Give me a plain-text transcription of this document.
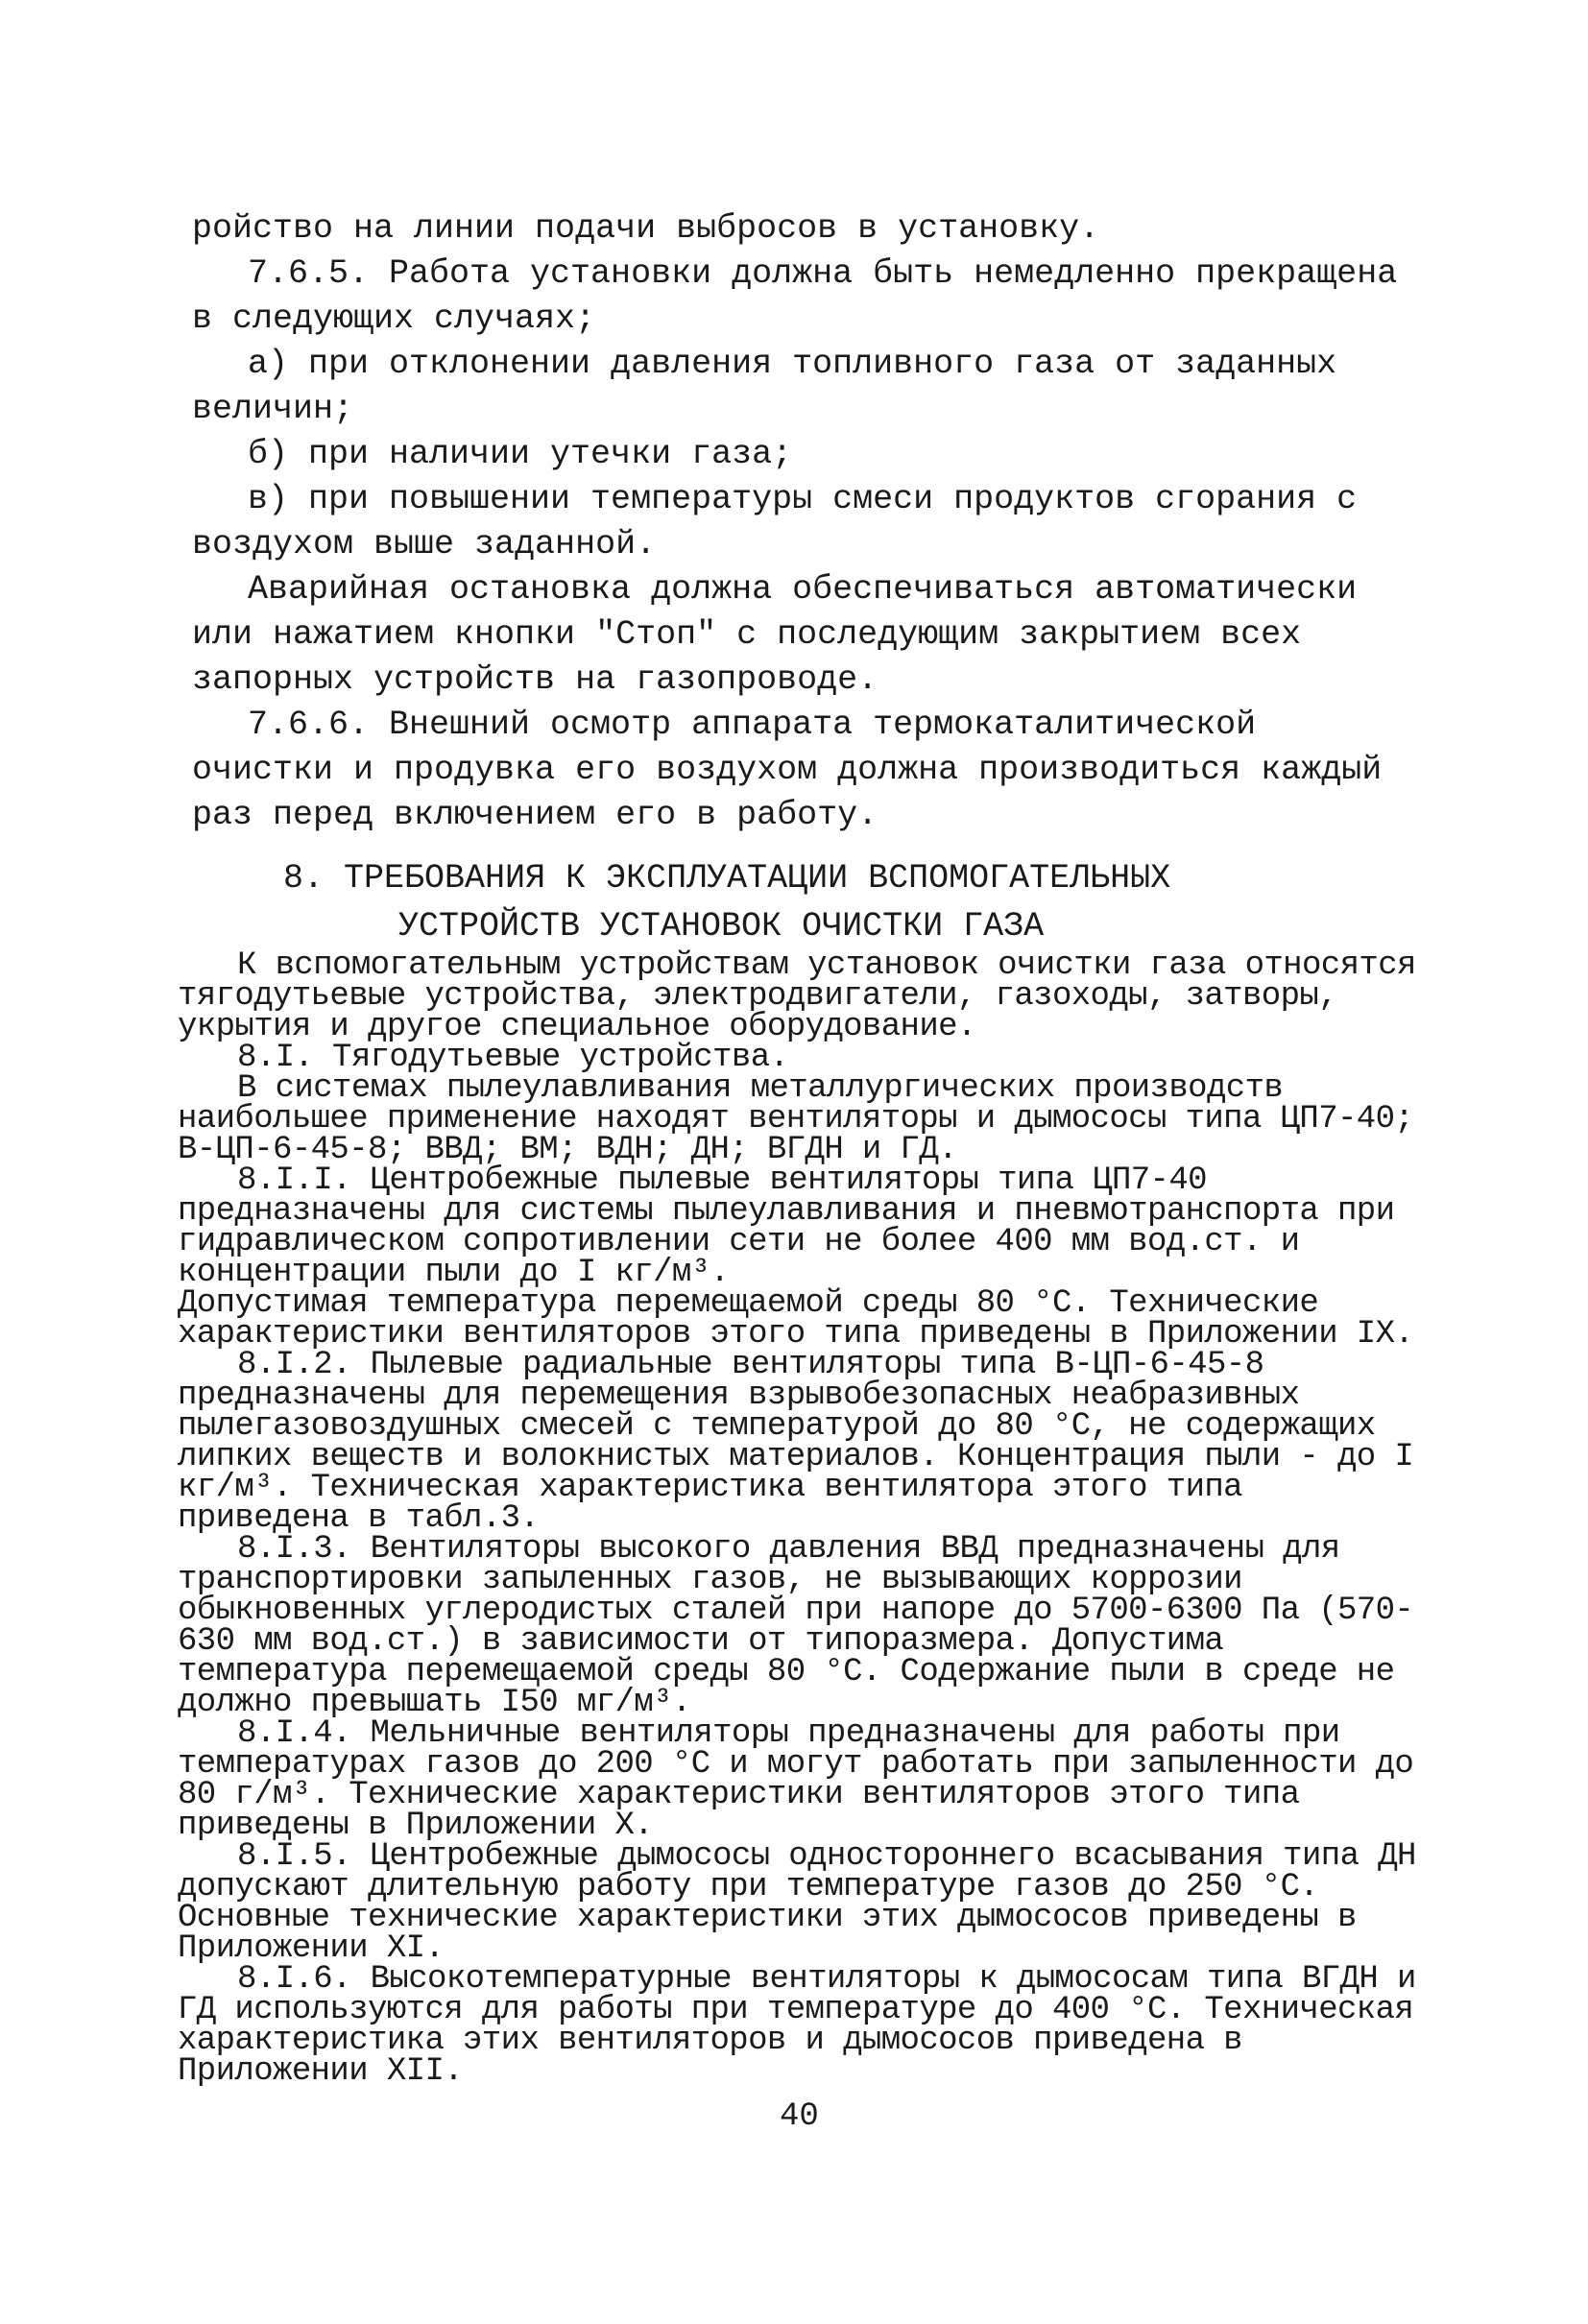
ройство на линии подачи выбросов в установку.
7.6.5. Работа установки должна быть немедленно прекращена в следующих случаях;
а) при отклонении давления топливного газа от заданных величин;
б) при наличии утечки газа;
в) при повышении температуры смеси продуктов сгорания с воздухом выше заданной.
Аварийная остановка должна обеспечиваться автоматически или нажатием кнопки "Стоп" с последующим закрытием всех запорных устройств на газопроводе.
7.6.6. Внешний осмотр аппарата термокаталитической очистки и продувка его воздухом должна производиться каждый раз перед включением его в работу.
8. ТРЕБОВАНИЯ К ЭКСПЛУАТАЦИИ ВСПОМОГАТЕЛЬНЫХ
УСТРОЙСТВ УСТАНОВОК ОЧИСТКИ ГАЗА
К вспомогательным устройствам установок очистки газа относятся тягодутьевые устройства, электродвигатели, газоходы, затворы, укрытия и другое специальное оборудование.
8.I. Тягодутьевые устройства.
В системах пылеулавливания металлургических производств наибольшее применение находят вентиляторы и дымососы типа ЦП7-40; В-ЦП-6-45-8; ВВД; ВМ; ВДН; ДН; ВГДН и ГД.
8.I.I. Центробежные пылевые вентиляторы типа ЦП7-40 предназначены для системы пылеулавливания и пневмотранспорта при гидравлическом сопротивлении сети не более 400 мм вод.ст. и концентрации пыли до I кг/м³.
Допустимая температура перемещаемой среды 80 °С. Технические характеристики вентиляторов этого типа приведены в Приложении IX.
8.I.2. Пылевые радиальные вентиляторы типа В-ЦП-6-45-8 предназначены для перемещения взрывобезопасных неабразивных пылегазовоздушных смесей с температурой до 80 °С, не содержащих липких веществ и волокнистых материалов. Концентрация пыли - до I кг/м³. Техническая характеристика вентилятора этого типа приведена в табл.3.
8.I.3. Вентиляторы высокого давления ВВД предназначены для транспортировки запыленных газов, не вызывающих коррозии обыкновенных углеродистых сталей при напоре до 5700-6300 Па (570-630 мм вод.ст.) в зависимости от типоразмера. Допустима температура перемещаемой среды 80 °С. Содержание пыли в среде не должно превышать I50 мг/м³.
8.I.4. Мельничные вентиляторы предназначены для работы при температурах газов до 200 °С и могут работать при запыленности до 80 г/м³. Технические характеристики вентиляторов этого типа приведены в Приложении X.
8.I.5. Центробежные дымососы одностороннего всасывания типа ДН допускают длительную работу при температуре газов до 250 °С. Основные технические характеристики этих дымососов приведены в Приложении XI.
8.I.6. Высокотемпературные вентиляторы к дымососам типа ВГДН и ГД используются для работы при температуре до 400 °С. Техническая характеристика этих вентиляторов и дымососов приведена в Приложении XII.
40
